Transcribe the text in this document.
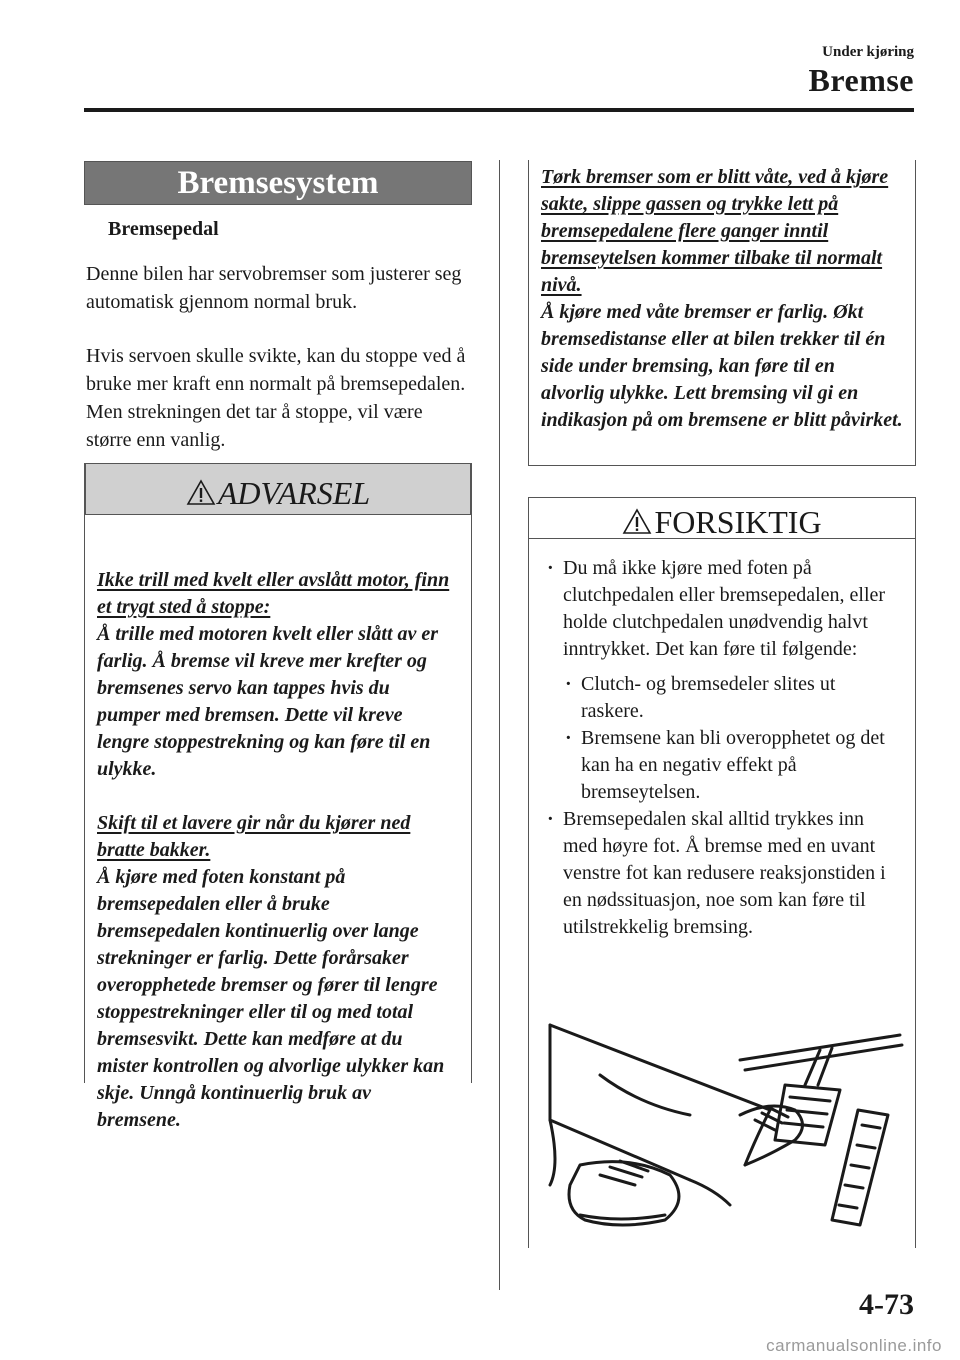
Under kjøring
Bremse
Bremsesystem
Bremsepedal

Denne bilen har servobremser som justerer seg automatisk gjennom normal bruk.

Hvis servoen skulle svikte, kan du stoppe ved å bruke mer kraft enn normalt på bremsepedalen. Men strekningen det tar å stoppe, vil være større enn vanlig.

ADVARSEL
Ikke trill med kvelt eller avslått motor, finn et trygt sted å stoppe:
Å trille med motoren kvelt eller slått av er farlig. Å bremse vil kreve mer krefter og bremsenes servo kan tappes hvis du pumper med bremsen. Dette vil kreve lengre stoppestrekning og kan føre til en ulykke.
Skift til et lavere gir når du kjører ned bratte bakker.
Å kjøre med foten konstant på bremsepedalen eller å bruke bremsepedalen kontinuerlig over lange strekninger er farlig. Dette forårsaker overopphetede bremser og fører til lengre stoppestrekninger eller til og med total bremsesvikt. Dette kan medføre at du mister kontrollen og alvorlige ulykker kan skje. Unngå kontinuerlig bruk av bremsene.
Tørk bremser som er blitt våte, ved å kjøre sakte, slippe gassen og trykke lett på bremsepedalene flere ganger inntil bremseytelsen kommer tilbake til normalt nivå.
Å kjøre med våte bremser er farlig. Økt bremsedistanse eller at bilen trekker til én side under bremsing, kan føre til en alvorlig ulykke. Lett bremsing vil gi en indikasjon på om bremsene er blitt påvirket.
FORSIKTIG
· Du må ikke kjøre med foten på clutchpedalen eller bremsepedalen, eller holde clutchpedalen unødvendig halvt inntrykket. Det kan føre til følgende:
· Clutch- og bremsedeler slites ut raskere.
· Bremsene kan bli overopphetet og det kan ha en negativ effekt på bremseytelsen.
· Bremsepedalen skal alltid trykkes inn med høyre fot. Å bremse med en uvant venstre fot kan redusere reaksjonstiden i en nødssituasjon, noe som kan føre til utilstrekkelig bremsing.
4-73
carmanualsonline.info
